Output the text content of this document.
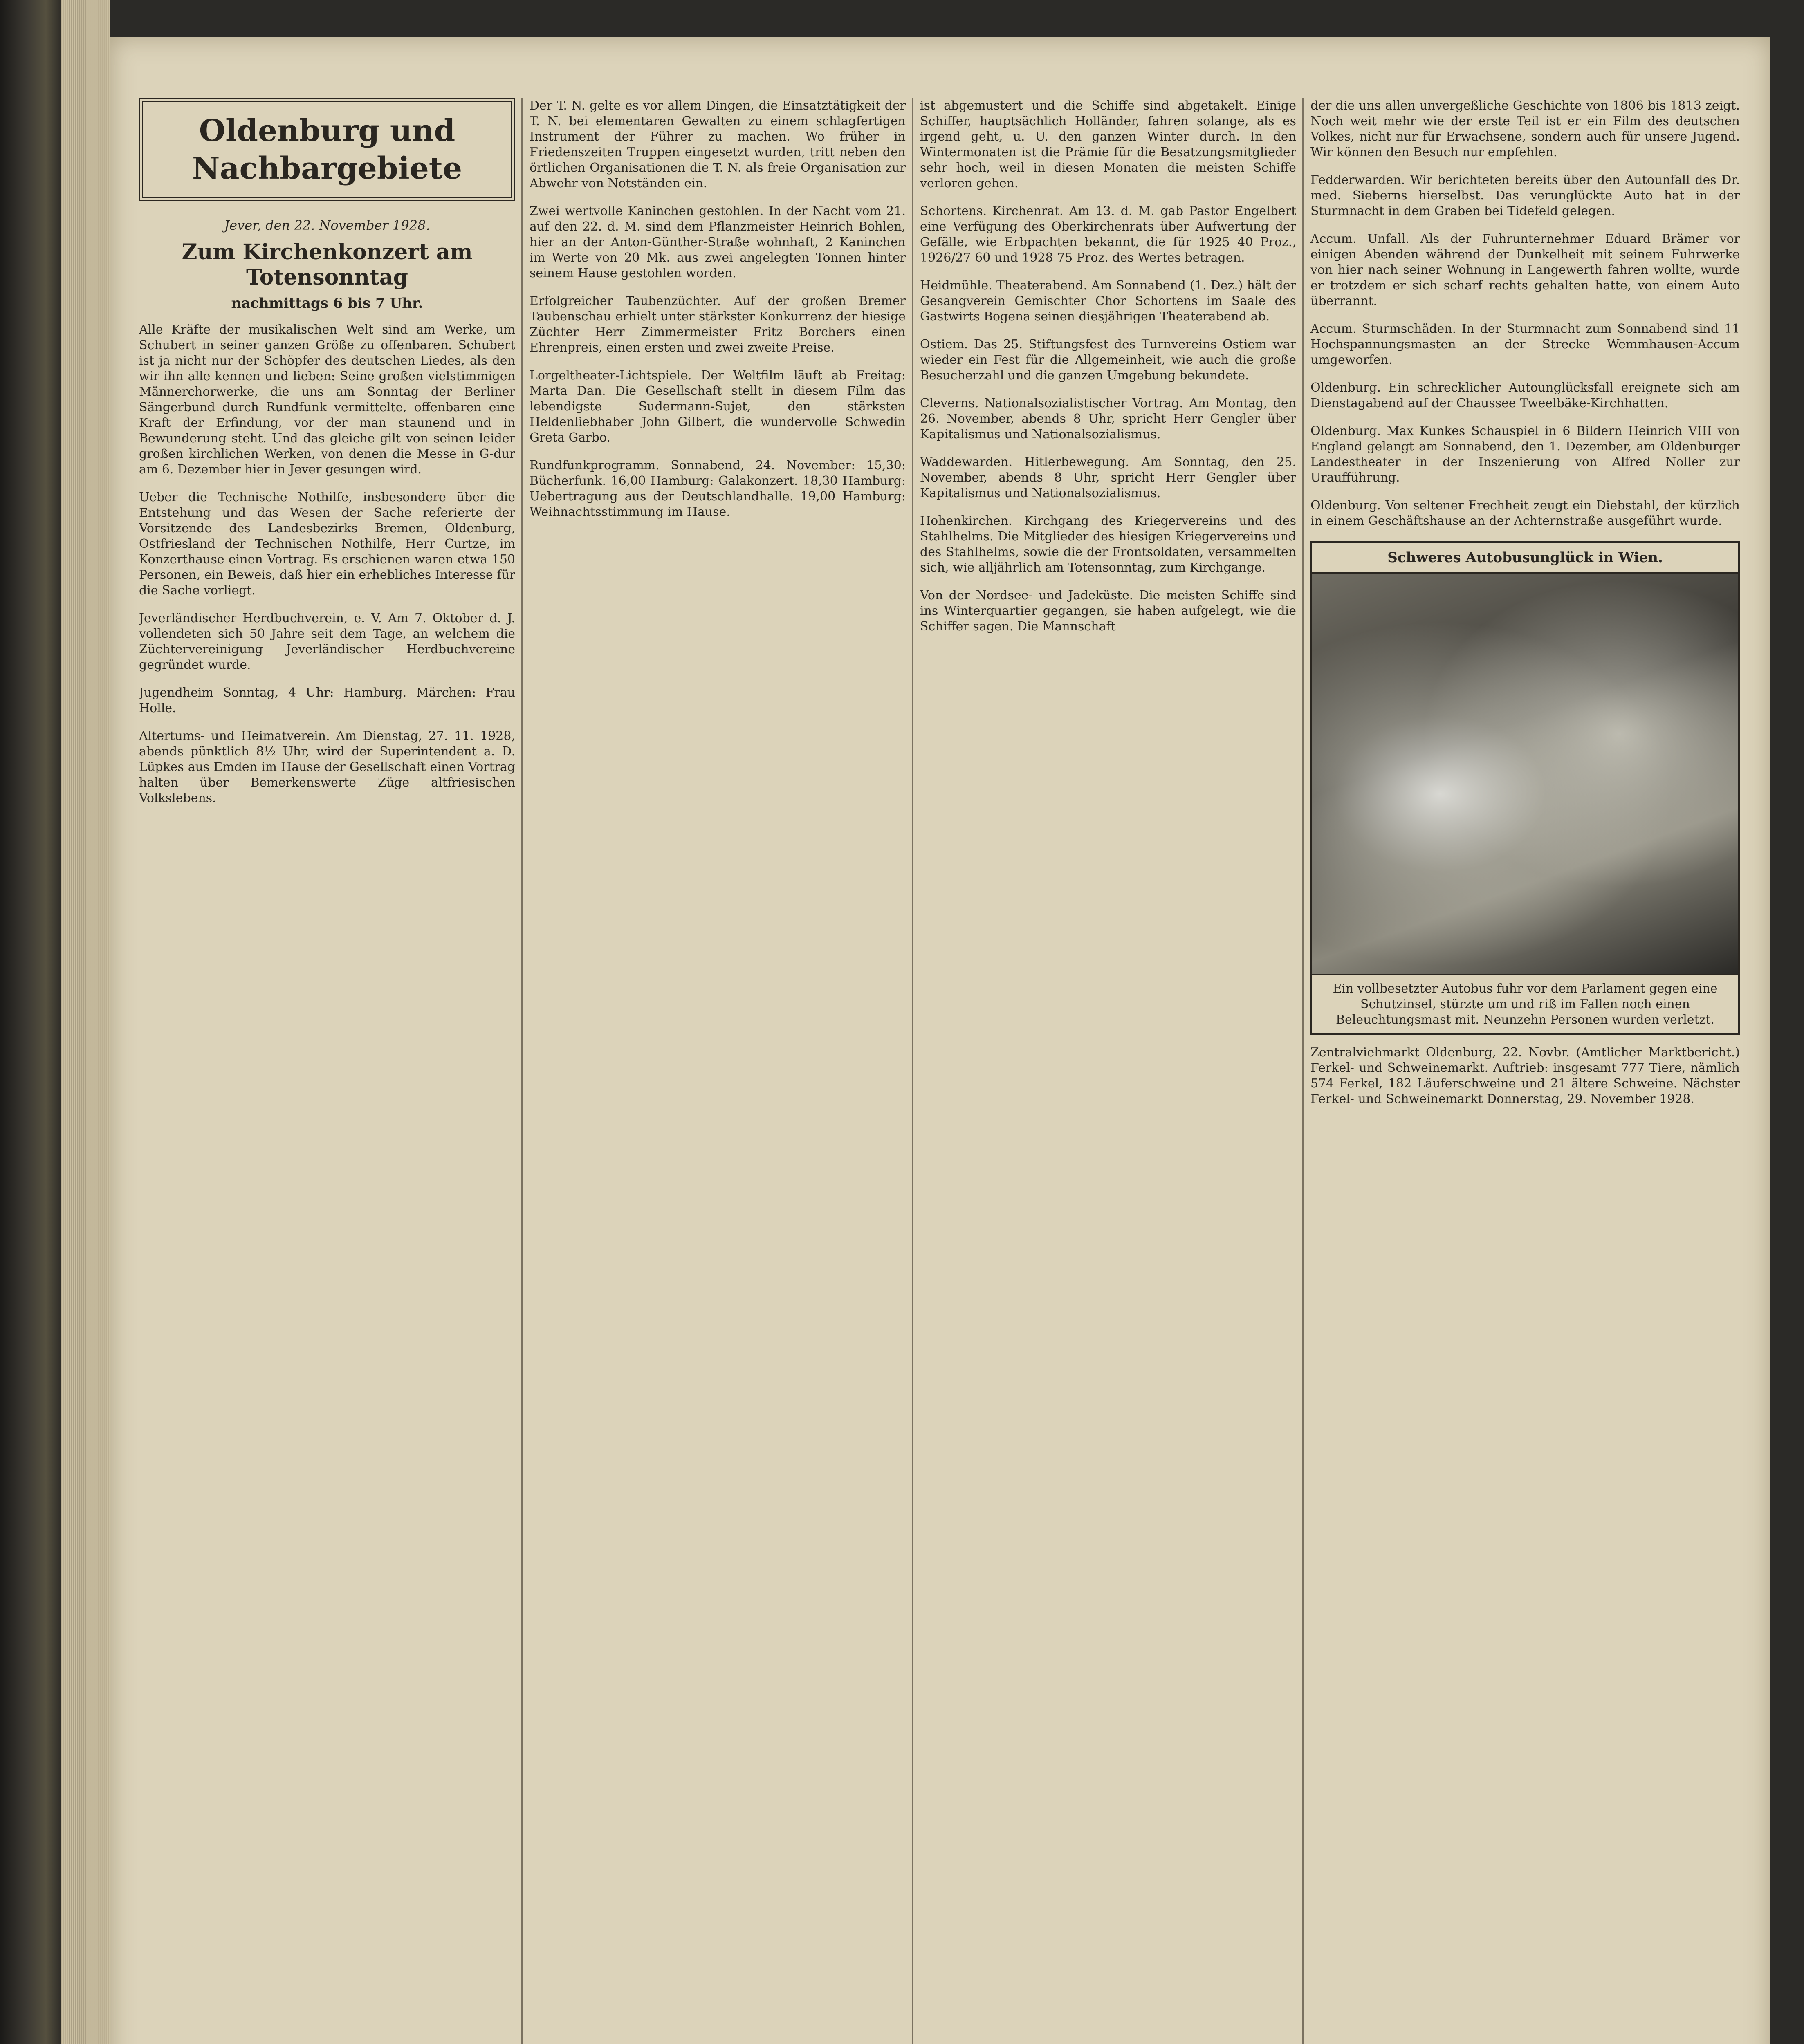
Oldenburg und Nachbargebiete
Jever, den 22. November 1928.
Zum Kirchenkonzert am Totensonntag
nachmittags 6 bis 7 Uhr.

Alle Kräfte der musikalischen Welt sind am Werke, um Schubert in seiner ganzen Größe zu offenbaren. Schubert ist ja nicht nur der Schöpfer des deutschen Liedes, als den wir ihn alle kennen und lieben: Seine großen vielstimmigen Männerchorwerke, die uns am Sonntag der Berliner Sängerbund durch Rundfunk vermittelte, offenbaren eine Kraft der Erfindung, vor der man staunend und in Bewunderung steht. Und das gleiche gilt von seinen leider großen kirchlichen Werken, von denen die Messe in G-dur am 6. Dezember hier in Jever gesungen wird.

Ueber die Technische Nothilfe, insbesondere über die Entstehung und das Wesen der Sache referierte der Vorsitzende des Landesbezirks Bremen, Oldenburg, Ostfriesland der Technischen Nothilfe, Herr Curtze, im Konzerthause einen Vortrag. Es erschienen waren etwa 150 Personen, ein Beweis, daß hier ein erhebliches Interesse für die Sache vorliegt.

Jeverländischer Herdbuchverein, e. V. Am 7. Oktober d. J. vollendeten sich 50 Jahre seit dem Tage, an welchem die Züchtervereinigung Jeverländischer Herdbuchvereine gegründet wurde.

Jugendheim Sonntag, 4 Uhr: Hamburg. Märchen: Frau Holle.

Altertums- und Heimatverein. Am Dienstag, 27. 11. 1928, abends pünktlich 8½ Uhr, wird der Superintendent a. D. Lüpkes aus Emden im Hause der Gesellschaft einen Vortrag halten über Bemerkenswerte Züge altfriesischen Volkslebens.

Der T. N. gelte es vor allem Dingen, die Einsatztätigkeit der T. N. bei elementaren Gewalten zu einem schlagfertigen Instrument der Führer zu machen. Wo früher in Friedenszeiten Truppen eingesetzt wurden, tritt neben den örtlichen Organisationen die T. N. als freie Organisation zur Abwehr von Notständen ein.

Zwei wertvolle Kaninchen gestohlen. In der Nacht vom 21. auf den 22. d. M. sind dem Pflanzmeister Heinrich Bohlen, hier an der Anton-Günther-Straße wohnhaft, 2 Kaninchen im Werte von 20 Mk. aus zwei angelegten Tonnen hinter seinem Hause gestohlen worden.

Erfolgreicher Taubenzüchter. Auf der großen Bremer Taubenschau erhielt unter stärkster Konkurrenz der hiesige Züchter Herr Zimmermeister Fritz Borchers einen Ehrenpreis, einen ersten und zwei zweite Preise.

Lorgeltheater-Lichtspiele. Der Weltfilm läuft ab Freitag: Marta Dan. Die Gesellschaft stellt in diesem Film das lebendigste Sudermann-Sujet, den stärksten Heldenliebhaber John Gilbert, die wundervolle Schwedin Greta Garbo.

Rundfunkprogramm. Sonnabend, 24. November: 15,30: Bücherfunk. 16,00 Hamburg: Galakonzert. 18,30 Hamburg: Uebertragung aus der Deutschlandhalle. 19,00 Hamburg: Weihnachtsstimmung im Hause.

ist abgemustert und die Schiffe sind abgetakelt. Einige Schiffer, hauptsächlich Holländer, fahren solange, als es irgend geht, u. U. den ganzen Winter durch. In den Wintermonaten ist die Prämie für die Besatzungsmitglieder sehr hoch, weil in diesen Monaten die meisten Schiffe verloren gehen.

Schortens. Kirchenrat. Am 13. d. M. gab Pastor Engelbert eine Verfügung des Oberkirchenrats über Aufwertung der Gefälle, wie Erbpachten bekannt, die für 1925 40 Proz., 1926/27 60 und 1928 75 Proz. des Wertes betragen.

Heidmühle. Theaterabend. Am Sonnabend (1. Dez.) hält der Gesangverein Gemischter Chor Schortens im Saale des Gastwirts Bogena seinen diesjährigen Theaterabend ab.

Ostiem. Das 25. Stiftungsfest des Turnvereins Ostiem war wieder ein Fest für die Allgemeinheit, wie auch die große Besucherzahl und die ganzen Umgebung bekundete.

Cleverns. Nationalsozialistischer Vortrag. Am Montag, den 26. November, abends 8 Uhr, spricht Herr Gengler über Kapitalismus und Nationalsozialismus.

Waddewarden. Hitlerbewegung. Am Sonntag, den 25. November, abends 8 Uhr, spricht Herr Gengler über Kapitalismus und Nationalsozialismus.

Hohenkirchen. Kirchgang des Kriegervereins und des Stahlhelms. Die Mitglieder des hiesigen Kriegervereins und des Stahlhelms, sowie die der Frontsoldaten, versammelten sich, wie alljährlich am Totensonntag, zum Kirchgange.

Von der Nordsee- und Jadeküste. Die meisten Schiffe sind ins Winterquartier gegangen, sie haben aufgelegt, wie die Schiffer sagen. Die Mannschaft

der die uns allen unvergeßliche Geschichte von 1806 bis 1813 zeigt. Noch weit mehr wie der erste Teil ist er ein Film des deutschen Volkes, nicht nur für Erwachsene, sondern auch für unsere Jugend. Wir können den Besuch nur empfehlen.

Fedderwarden. Wir berichteten bereits über den Autounfall des Dr. med. Sieberns hierselbst. Das verunglückte Auto hat in der Sturmnacht in dem Graben bei Tidefeld gelegen.

Accum. Unfall. Als der Fuhrunternehmer Eduard Brämer vor einigen Abenden während der Dunkelheit mit seinem Fuhrwerke von hier nach seiner Wohnung in Langewerth fahren wollte, wurde er trotzdem er sich scharf rechts gehalten hatte, von einem Auto überrannt.

Accum. Sturmschäden. In der Sturmnacht zum Sonnabend sind 11 Hochspannungsmasten an der Strecke Wemmhausen-Accum umgeworfen.

Oldenburg. Ein schrecklicher Autounglücksfall ereignete sich am Dienstagabend auf der Chaussee Tweelbäke-Kirchhatten.

Oldenburg. Max Kunkes Schauspiel in 6 Bildern Heinrich VIII von England gelangt am Sonnabend, den 1. Dezember, am Oldenburger Landestheater in der Inszenierung von Alfred Noller zur Uraufführung.

Oldenburg. Von seltener Frechheit zeugt ein Diebstahl, der kürzlich in einem Geschäftshause an der Achternstraße ausgeführt wurde.

Schweres Autobusunglück in Wien.
Ein vollbesetzter Autobus fuhr vor dem Parlament gegen eine Schutzinsel, stürzte um und riß im Fallen noch einen Beleuchtungsmast mit. Neunzehn Personen wurden verletzt.

Zentralviehmarkt Oldenburg, 22. Novbr. (Amtlicher Marktbericht.) Ferkel- und Schweinemarkt. Auftrieb: insgesamt 777 Tiere, nämlich 574 Ferkel, 182 Läuferschweine und 21 ältere Schweine. Nächster Ferkel- und Schweinemarkt Donnerstag, 29. November 1928.
